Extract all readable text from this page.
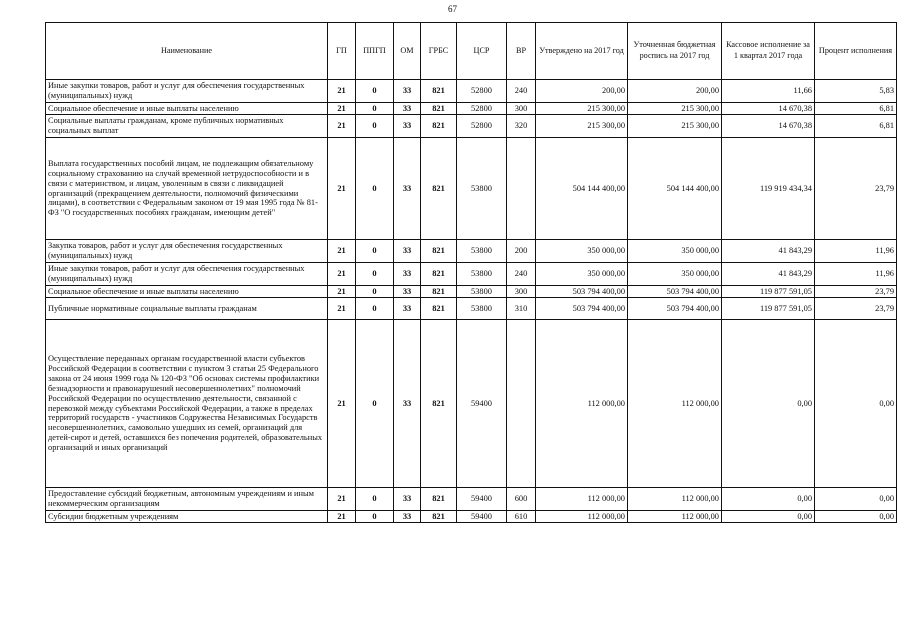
67
Наименование	ГП	ППГП	ОМ	ГРБС	ЦСР	ВР	Утверждено на 2017 год	Уточненная бюджетная роспись на 2017 год	Кассовое исполнение за 1 квартал 2017 года	Процент исполнения
Иные закупки товаров, работ и услуг для обеспечения государственных (муниципальных) нужд	21	0	33	821	52800	240	200,00	200,00	11,66	5,83
Социальное обеспечение и иные выплаты населению	21	0	33	821	52800	300	215 300,00	215 300,00	14 670,38	6,81
Социальные выплаты гражданам, кроме публичных нормативных социальных выплат	21	0	33	821	52800	320	215 300,00	215 300,00	14 670,38	6,81
Выплата государственных пособий лицам, не подлежащим обязательному социальному страхованию на случай временной нетрудоспособности и в связи с материнством, и лицам, уволенным в связи с ликвидацией организаций (прекращением деятельности, полномочий физическими лицами), в соответствии с Федеральным законом от 19 мая 1995 года № 81-ФЗ "О государственных пособиях гражданам, имеющим детей"	21	0	33	821	53800		504 144 400,00	504 144 400,00	119 919 434,34	23,79
Закупка товаров, работ и услуг для обеспечения государственных (муниципальных) нужд	21	0	33	821	53800	200	350 000,00	350 000,00	41 843,29	11,96
Иные закупки товаров, работ и услуг для обеспечения государственных (муниципальных) нужд	21	0	33	821	53800	240	350 000,00	350 000,00	41 843,29	11,96
Социальное обеспечение и иные выплаты населению	21	0	33	821	53800	300	503 794 400,00	503 794 400,00	119 877 591,05	23,79
Публичные нормативные социальные выплаты гражданам	21	0	33	821	53800	310	503 794 400,00	503 794 400,00	119 877 591,05	23,79
Осуществление переданных органам государственной власти субъектов Российской Федерации в соответствии с пунктом 3 статьи 25 Федерального закона от 24 июня 1999 года № 120-ФЗ "Об основах системы профилактики безнадзорности и правонарушений несовершеннолетних" полномочий Российской Федерации по осуществлению деятельности, связанной с перевозкой между субъектами Российской Федерации, а также в пределах территорий государств - участников Содружества Независимых Государств несовершеннолетних, самовольно ушедших из семей, организаций для детей-сирот и детей, оставшихся без попечения родителей, образовательных организаций и иных организаций	21	0	33	821	59400		112 000,00	112 000,00	0,00	0,00
Предоставление субсидий бюджетным, автономным учреждениям и иным некоммерческим организациям	21	0	33	821	59400	600	112 000,00	112 000,00	0,00	0,00
Субсидии бюджетным учреждениям	21	0	33	821	59400	610	112 000,00	112 000,00	0,00	0,00
